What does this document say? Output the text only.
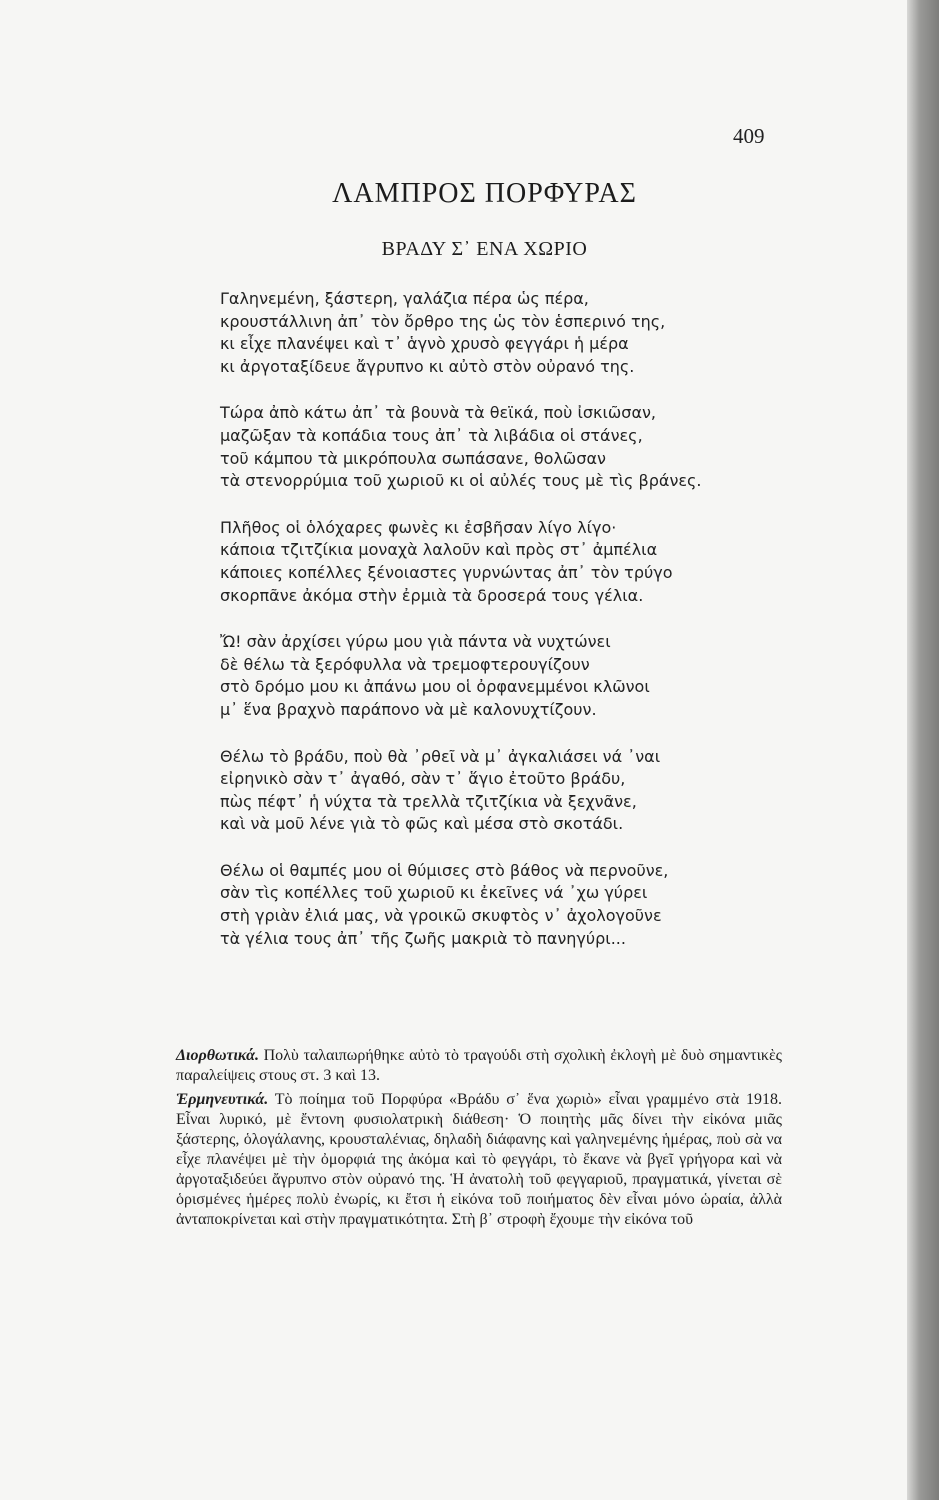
409
ΛΑΜΠΡΟΣ ΠΟΡΦΥΡΑΣ
ΒΡΑΔΥ Σ᾽ ΕΝΑ ΧΩΡΙΟ
Γαληνεμένη, ξάστερη, γαλάζια πέρα ὡς πέρα,
κρουστάλλινη ἀπ᾽ τὸν ὄρθρο της ὡς τὸν ἑσπερινό της,
κι εἶχε πλανέψει καὶ τ᾽ ἁγνὸ χρυσὸ φεγγάρι ἡ μέρα
κι ἀργοταξίδευε ἄγρυπνο κι αὐτὸ στὸν οὐρανό της.
Τώρα ἀπὸ κάτω ἀπ᾽ τὰ βουνὰ τὰ θεϊκά, ποὺ ἰσκιῶσαν,
μαζῶξαν τὰ κοπάδια τους ἀπ᾽ τὰ λιβάδια οἱ στάνες,
τοῦ κάμπου τὰ μικρόπουλα σωπάσανε, θολῶσαν
τὰ στενορρύμια τοῦ χωριοῦ κι οἱ αὐλές τους μὲ τὶς βράνες.
Πλῆθος οἱ ὁλόχαρες φωνὲς κι ἐσβῆσαν λίγο λίγο·
κάποια τζιτζίκια μοναχὰ λαλοῦν καὶ πρὸς στ᾽ ἀμπέλια
κάποιες κοπέλλες ξένοιαστες γυρνώντας ἀπ᾽ τὸν τρύγο
σκορπᾶνε ἀκόμα στὴν ἐρμιὰ τὰ δροσερά τους γέλια.
Ὤ! σὰν ἀρχίσει γύρω μου γιὰ πάντα νὰ νυχτώνει
δὲ θέλω τὰ ξερόφυλλα νὰ τρεμοφτερουγίζουν
στὸ δρόμο μου κι ἀπάνω μου οἱ ὀρφανεμμένοι κλῶνοι
μ᾽ ἕνα βραχνὸ παράπονο νὰ μὲ καλονυχτίζουν.
Θέλω τὸ βράδυ, ποὺ θὰ ᾽ρθεῖ νὰ μ᾽ ἀγκαλιάσει νά ᾽ναι
εἰρηνικὸ σὰν τ᾽ ἀγαθό, σὰν τ᾽ ἅγιο ἐτοῦτο βράδυ,
πὼς πέφτ᾽ ἡ νύχτα τὰ τρελλὰ τζιτζίκια νὰ ξεχνᾶνε,
καὶ νὰ μοῦ λένε γιὰ τὸ φῶς καὶ μέσα στὸ σκοτάδι.
Θέλω οἱ θαμπές μου οἱ θύμισες στὸ βάθος νὰ περνοῦνε,
σὰν τὶς κοπέλλες τοῦ χωριοῦ κι ἐκεῖνες νά ᾽χω γύρει
στὴ γριὰν ἐλιά μας, νὰ γροικῶ σκυφτὸς ν᾽ ἀχολογοῦνε
τὰ γέλια τους ἀπ᾽ τῆς ζωῆς μακριὰ τὸ πανηγύρι...

Διορθωτικά. Πολὺ ταλαιπωρήθηκε αὐτὸ τὸ τραγούδι στὴ σχολικὴ ἐκλογὴ μὲ δυὸ σημαντικὲς παραλείψεις στους στ. 3 καὶ 13.

Ἑρμηνευτικά. Τὸ ποίημα τοῦ Πορφύρα «Βράδυ σ᾽ ἕνα χωριὸ» εἶναι γραμμένο στὰ 1918. Εἶναι λυρικό, μὲ ἔντονη φυσιολατρικὴ διάθεση· Ὁ ποιητὴς μᾶς δίνει τὴν εἰκόνα μιᾶς ξάστερης, ὁλογάλανης, κρουσταλένιας, δηλαδὴ διάφανης καὶ γαληνεμένης ἡμέρας, ποὺ σὰ να εἶχε πλανέψει μὲ τὴν ὀμορφιά της ἀκόμα καὶ τὸ φεγγάρι, τὸ ἔκανε νὰ βγεῖ γρήγορα καὶ νὰ ἀργοταξιδεύει ἄγρυπνο στὸν οὐρανό της. Ἡ ἀνατολὴ τοῦ φεγγαριοῦ, πραγματικά, γίνεται σὲ ὁρισμένες ἡμέρες πολὺ ἐνωρίς, κι ἔτσι ἡ εἰκόνα τοῦ ποιήματος δὲν εἶναι μόνο ὡραία, ἀλλὰ ἀνταποκρίνεται καὶ στὴν πραγματικότητα. Στὴ β᾽ στροφὴ ἔχουμε τὴν εἰκόνα τοῦ
